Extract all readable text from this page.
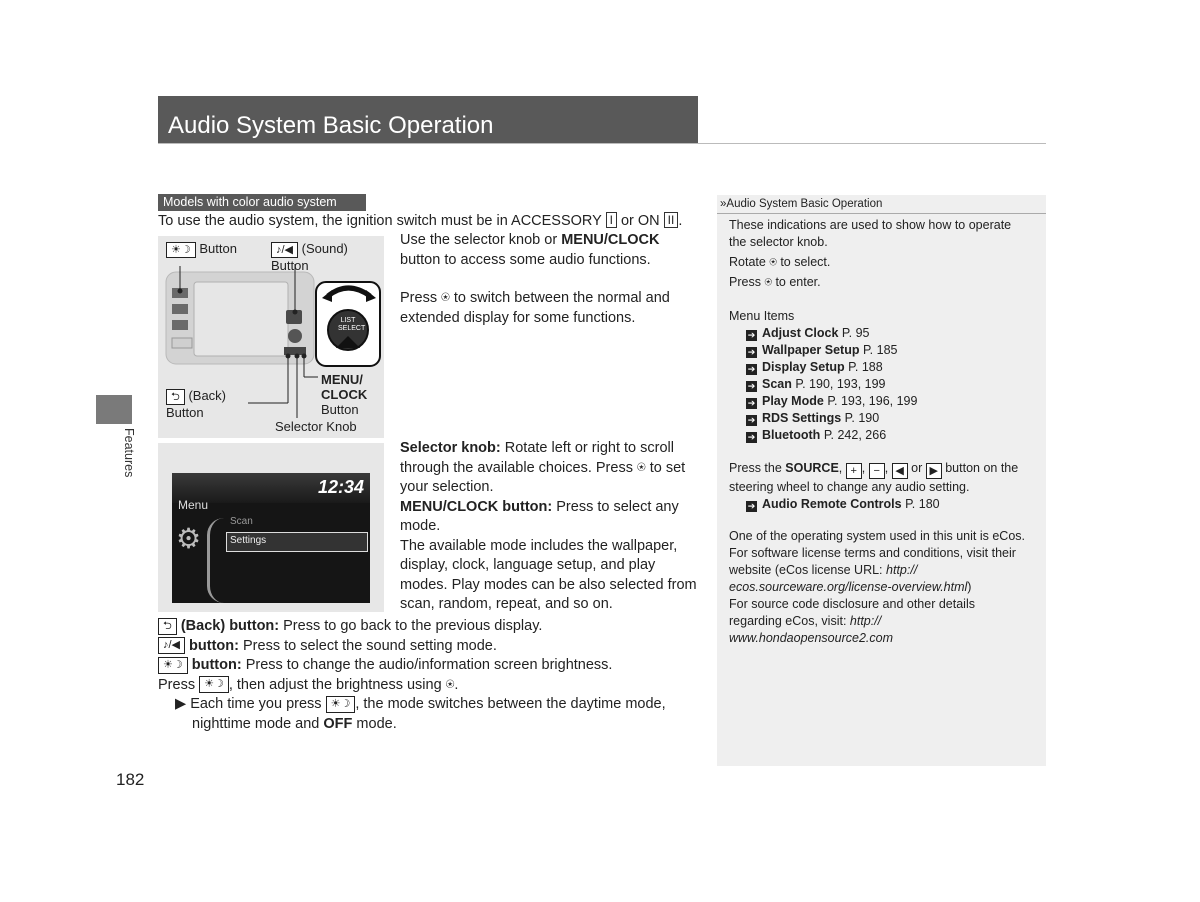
Audio System Basic Operation
Models with color audio system
Features
To use the audio system, the ignition switch must be in ACCESSORY I or ON II .
LIST
SELECT
☀☽ Button	♪/◀ (Sound)
Button
⮌ (Back)
Button
MENU/
CLOCK
Button
Selector Knob
12:34
Menu
⚙
Scan
Settings
Use the selector knob or MENU/CLOCK
button to access some audio functions.
Press ⍟ to switch between the normal and extended display for some functions.
Selector knob: Rotate left or right to scroll through the available choices. Press ⍟ to set your selection.
MENU/CLOCK button: Press to select any mode.
The available mode includes the wallpaper, display, clock, language setup, and play modes. Play modes can be also selected from scan, random, repeat, and so on.
⮌ (Back) button: Press to go back to the previous display.
♪/◀ button: Press to select the sound setting mode.
☀☽ button: Press to change the audio/information screen brightness.
Press ☀☽ , then adjust the brightness using ⍟.
▶ Each time you press ☀☽ , the mode switches between the daytime mode,
nighttime mode and OFF mode.
»Audio System Basic Operation
These indications are used to show how to operate
the selector knob.
Rotate ⍟ to select.
Press ⍟ to enter.
Menu Items
➔ Adjust Clock P. 95
➔ Wallpaper Setup P. 185
➔ Display Setup P. 188
➔ Scan P. 190, 193, 199
➔ Play Mode P. 193, 196, 199
➔ RDS Settings P. 190
➔ Bluetooth P. 242, 266
Press the SOURCE, + , − , ◀ or ▶ button on the
steering wheel to change any audio setting.
➔ Audio Remote Controls P. 180
One of the operating system used in this unit is eCos.
For software license terms and conditions, visit their
website (eCos license URL: http://
ecos.sourceware.org/license-overview.html)
For source code disclosure and other details
regarding eCos, visit: http://
www.hondaopensource2.com
182
